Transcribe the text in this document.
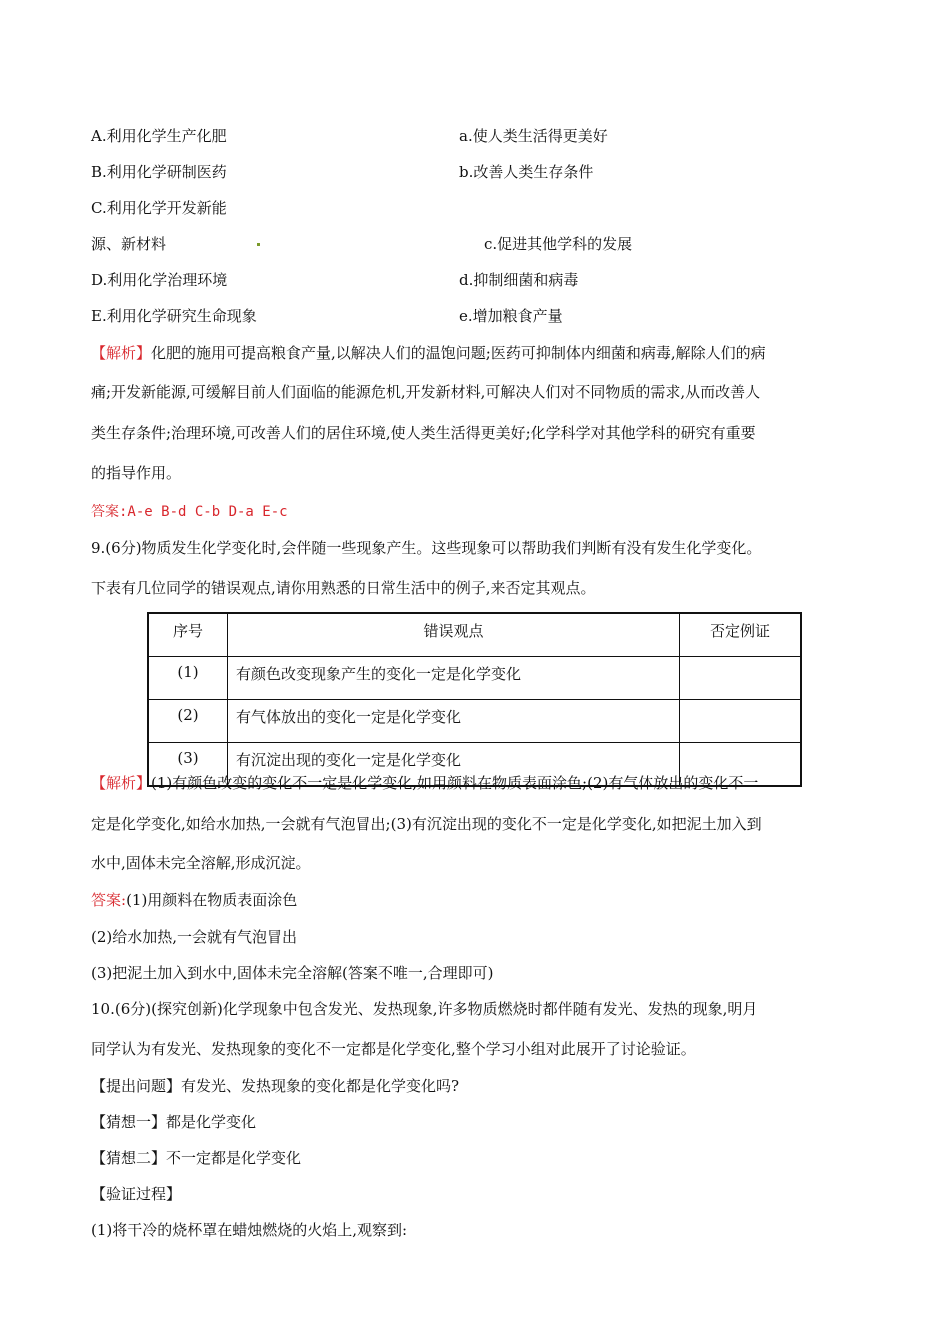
A.利用化学生产化肥	a.使人类生活得更美好
B.利用化学研制医药	b.改善人类生存条件
C.利用化学开发新能
源、新材料	c.促进其他学科的发展
D.利用化学治理环境	d.抑制细菌和病毒
E.利用化学研究生命现象	e.增加粮食产量
【解析】化肥的施用可提高粮食产量,以解决人们的温饱问题;医药可抑制体内细菌和病毒,解除人们的病
痛;开发新能源,可缓解目前人们面临的能源危机,开发新材料,可解决人们对不同物质的需求,从而改善人
类生存条件;治理环境,可改善人们的居住环境,使人类生活得更美好;化学科学对其他学科的研究有重要
的指导作用。
答案:A-e B-d C-b D-a E-c
9.(6分)物质发生化学变化时,会伴随一些现象产生。这些现象可以帮助我们判断有没有发生化学变化。
下表有几位同学的错误观点,请你用熟悉的日常生活中的例子,来否定其观点。
序号	错误观点	否定例证
(1)	有颜色改变现象产生的变化一定是化学变化	
(2)	有气体放出的变化一定是化学变化	
(3)	有沉淀出现的变化一定是化学变化	
【解析】(1)有颜色改变的变化不一定是化学变化,如用颜料在物质表面涂色;(2)有气体放出的变化不一
定是化学变化,如给水加热,一会就有气泡冒出;(3)有沉淀出现的变化不一定是化学变化,如把泥土加入到
水中,固体未完全溶解,形成沉淀。
答案:(1)用颜料在物质表面涂色
(2)给水加热,一会就有气泡冒出
(3)把泥土加入到水中,固体未完全溶解(答案不唯一,合理即可)
10.(6分)(探究创新)化学现象中包含发光、发热现象,许多物质燃烧时都伴随有发光、发热的现象,明月
同学认为有发光、发热现象的变化不一定都是化学变化,整个学习小组对此展开了讨论验证。
【提出问题】有发光、发热现象的变化都是化学变化吗?
【猜想一】都是化学变化
【猜想二】不一定都是化学变化
【验证过程】
(1)将干冷的烧杯罩在蜡烛燃烧的火焰上,观察到:
